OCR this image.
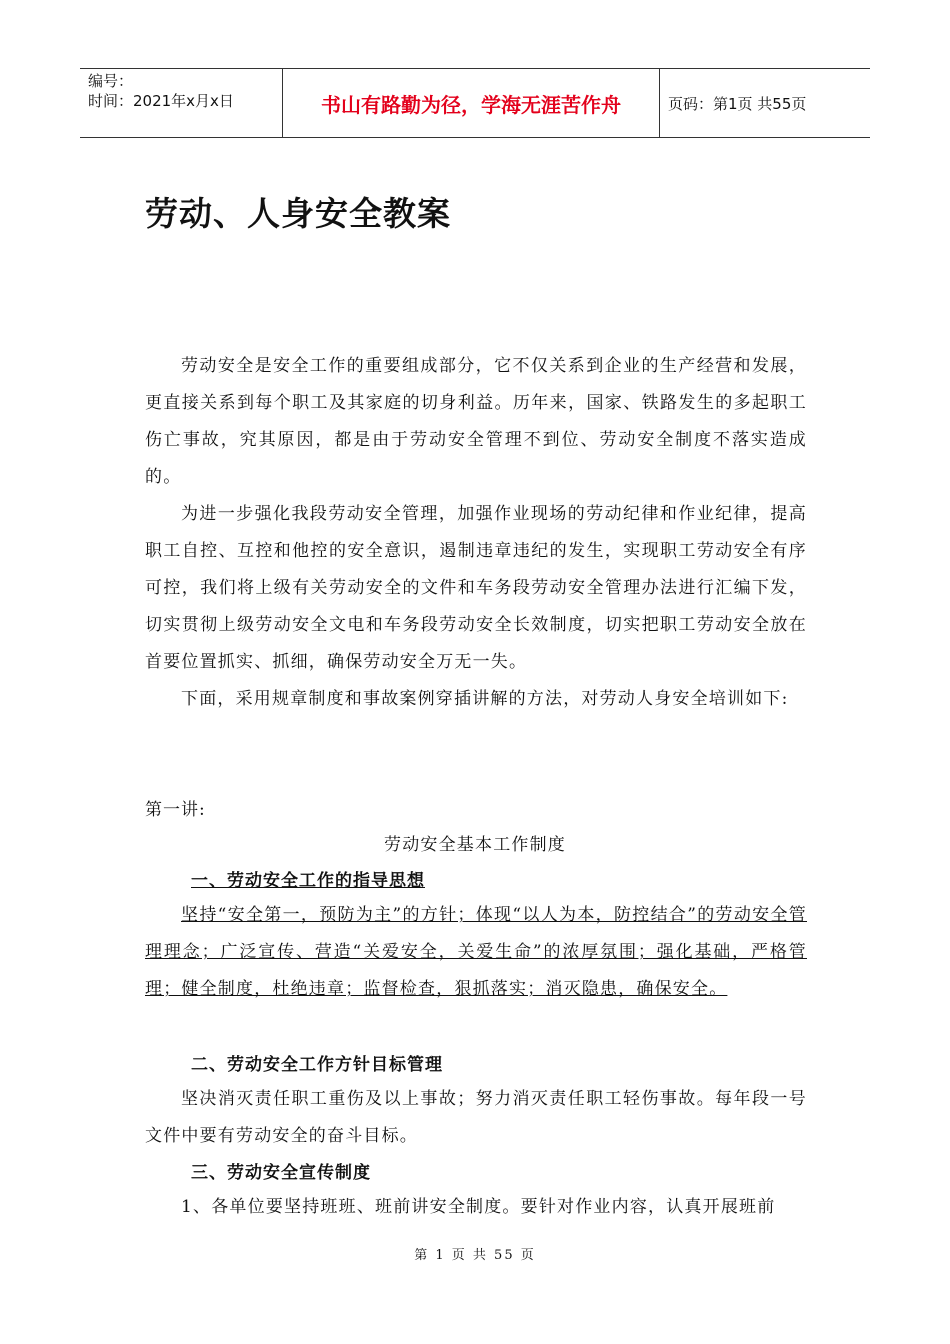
编号：
时间：2021年x月x日	书山有路勤为径，学海无涯苦作舟	页码：第1页 共55页
劳动、人身安全教案

劳动安全是安全工作的重要组成部分，它不仅关系到企业的生产经营和发展，更直接关系到每个职工及其家庭的切身利益。历年来，国家、铁路发生的多起职工伤亡事故，究其原因，都是由于劳动安全管理不到位、劳动安全制度不落实造成的。

为进一步强化我段劳动安全管理，加强作业现场的劳动纪律和作业纪律，提高职工自控、互控和他控的安全意识，遏制违章违纪的发生，实现职工劳动安全有序可控，我们将上级有关劳动安全的文件和车务段劳动安全管理办法进行汇编下发，切实贯彻上级劳动安全文电和车务段劳动安全长效制度，切实把职工劳动安全放在首要位置抓实、抓细，确保劳动安全万无一失。

下面，采用规章制度和事故案例穿插讲解的方法，对劳动人身安全培训如下:

第一讲:
劳动安全基本工作制度
一、劳动安全工作的指导思想

坚持“安全第一，预防为主”的方针；体现“以人为本，防控结合”的劳动安全管理理念；广泛宣传、营造“关爱安全，关爱生命”的浓厚氛围；强化基础，严格管理；健全制度，杜绝违章；监督检查，狠抓落实；消灭隐患，确保安全。

二、劳动安全工作方针目标管理

坚决消灭责任职工重伤及以上事故；努力消灭责任职工轻伤事故。每年段一号文件中要有劳动安全的奋斗目标。

三、劳动安全宣传制度

1、各单位要坚持班班、班前讲安全制度。要针对作业内容，认真开展班前

第 1 页 共 55 页
